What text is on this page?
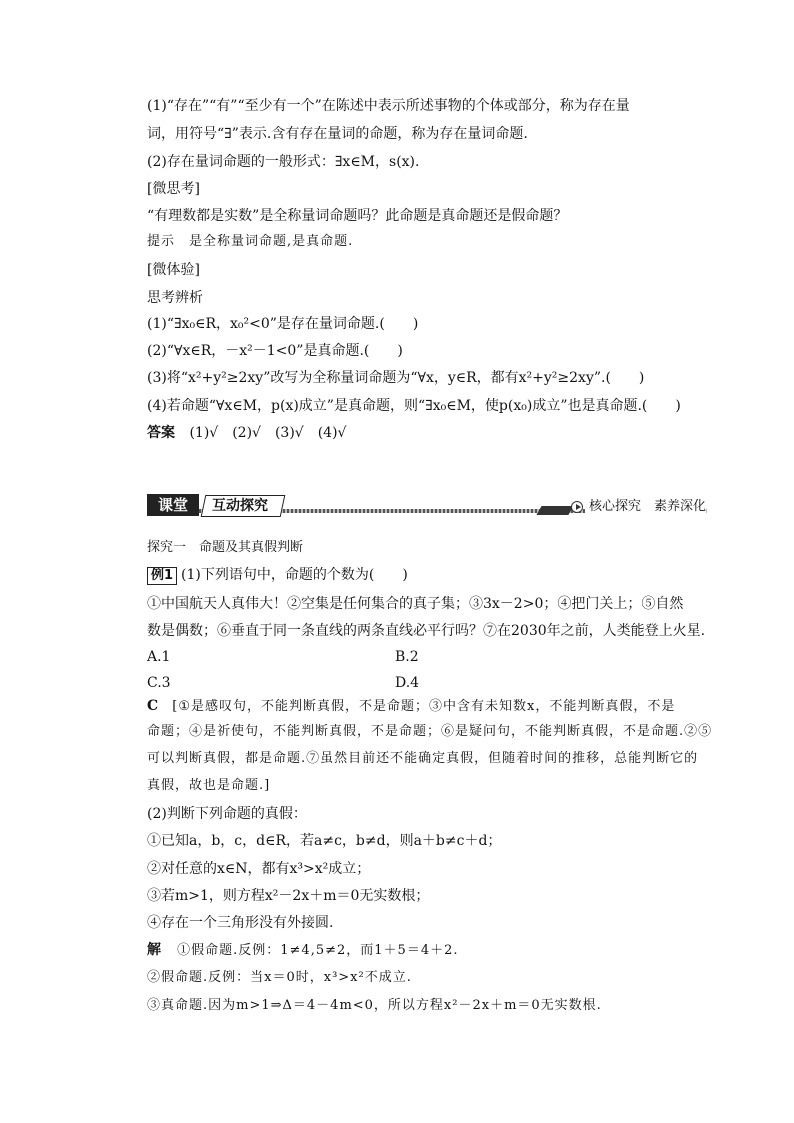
(1)“存在”“有”“至少有一个”在陈述中表示所述事物的个体或部分，称为存在量
词，用符号“∃”表示.含有存在量词的命题，称为存在量词命题.
(2)存在量词命题的一般形式：∃x∈M，s(x).
[微思考]
“有理数都是实数”是全称量词命题吗？此命题是真命题还是假命题？
提示　是全称量词命题,是真命题.
[微体验]
思考辨析
(1)“∃x₀∈R，x₀²<0”是存在量词命题.(　　)
(2)“∀x∈R，－x²－1<0”是真命题.(　　)
(3)将“x²+y²≥2xy”改写为全称量词命题为“∀x，y∈R，都有x²+y²≥2xy”.(　　)
(4)若命题“∀x∈M，p(x)成立”是真命题，则“∃x₀∈M，使p(x₀)成立”也是真命题.(　　)
答案 (1)√　(2)√　(3)√　(4)√
课堂	互动探究	核心探究　素养深化
探究一　命题及其真假判断
例1 (1)下列语句中，命题的个数为(　　)
①中国航天人真伟大！②空集是任何集合的真子集；③3x－2>0；④把门关上；⑤自然
数是偶数；⑥垂直于同一条直线的两条直线必平行吗？⑦在2030年之前，人类能登上火星.
A.1	B.2
C.3	D.4
C [①是感叹句，不能判断真假，不是命题；③中含有未知数x，不能判断真假，不是
命题；④是祈使句，不能判断真假，不是命题；⑥是疑问句，不能判断真假，不是命题.②⑤
可以判断真假，都是命题.⑦虽然目前还不能确定真假，但随着时间的推移，总能判断它的
真假，故也是命题.]
(2)判断下列命题的真假：
①已知a，b，c，d∈R，若a≠c，b≠d，则a＋b≠c＋d；
②对任意的x∈N，都有x³>x²成立；
③若m>1，则方程x²－2x＋m＝0无实数根；
④存在一个三角形没有外接圆.
解 ①假命题.反例：1≠4,5≠2，而1＋5＝4＋2.
②假命题.反例：当x＝0时，x³>x²不成立.
③真命题.因为m>1⇒Δ＝4－4m<0，所以方程x²－2x＋m＝0无实数根.
